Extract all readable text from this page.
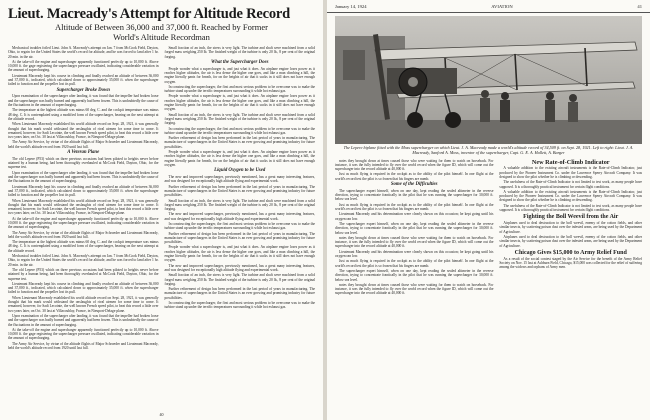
Lieut. Macready's Attempt for Altitude Record
Altitude of Between 36,000 and 37,000 ft. Reached by Former
World's Altitude Recordman

Mechanical troubles foiled Lieut. John A. Macready's attempt on Jan. 7 from McCook Field, Dayton, Ohio, to regain for the United States the world's record for altitude, and he was forced to land after 1 hr. 20 min. in the air.

At the take-off the engine and supercharger apparently functioned perfectly up to 10,000 ft. Above 10,000 ft. the gage registering the supercharger pressure oscillated, indicating considerable variation in the amount of supercharging.

Lieutenant Macready kept his course in climbing and finally reached an altitude of between 36,000 and 37,000 ft., indicated, which calculated down to approximately 35,000 ft. when the supercharger failed to function and the propeller lost its pull.

Supercharger Broke Down

Upon examination of the supercharger after landing, it was found that the impeller had broken loose and the supercharger was badly burned and apparently had been frozen. This is undoubtedly the cause of the fluctuations in the amount of supercharging.

The temperature at the highest altitude was minus 60 deg. C. and the cockpit temperature was minus 48 deg. C. It is contemplated using a modified form of the supercharger, bearing on the next attempt at the altitude record.

When Lieutenant Macready established his world altitude record on Sept. 28, 1921, it was generally thought that his mark would withstand the onslaughts of rival airmen for some time to come. It remained, however, for Sadi Lecointe, the well known French speed pilot, to beat this record a little over two years later, on Oct. 30 last at Villacoublay, France, in Nieuport-Delage plane.

The Army Air Service, by virtue of the altitude flights of Major Schroeder and Lieutenant Macready, held the world's altitude record from 1920 until last fall.

A Veteran Plane

The old Lepere (P53) which on three previous occasions had been piloted to heights never before attained by a human being, had been thoroughly overhauled at McCook Field, Dayton, Ohio, for the supreme test.

Upon examination of the supercharger after landing, it was found that the impeller had broken loose and the supercharger was badly burned and apparently had been frozen. This is undoubtedly the cause of the fluctuations in the amount of supercharging.

Lieutenant Macready kept his course in climbing and finally reached an altitude of between 36,000 and 37,000 ft., indicated, which calculated down to approximately 35,000 ft. when the supercharger failed to function and the propeller lost its pull.

When Lieutenant Macready established his world altitude record on Sept. 28, 1921, it was generally thought that his mark would withstand the onslaughts of rival airmen for some time to come. It remained, however, for Sadi Lecointe, the well known French speed pilot, to beat this record a little over two years later, on Oct. 30 last at Villacoublay, France, in Nieuport-Delage plane.

At the take-off the engine and supercharger apparently functioned perfectly up to 10,000 ft. Above 10,000 ft. the gage registering the supercharger pressure oscillated, indicating considerable variation in the amount of supercharging.

The Army Air Service, by virtue of the altitude flights of Major Schroeder and Lieutenant Macready, held the world's altitude record from 1920 until last fall.

The temperature at the highest altitude was minus 60 deg. C. and the cockpit temperature was minus 48 deg. C. It is contemplated using a modified form of the supercharger, bearing on the next attempt at the altitude record.

Mechanical troubles foiled Lieut. John A. Macready's attempt on Jan. 7 from McCook Field, Dayton, Ohio, to regain for the United States the world's record for altitude, and he was forced to land after 1 hr. 20 min. in the air.

The old Lepere (P53) which on three previous occasions had been piloted to heights never before attained by a human being, had been thoroughly overhauled at McCook Field, Dayton, Ohio, for the supreme test.

Lieutenant Macready kept his course in climbing and finally reached an altitude of between 36,000 and 37,000 ft., indicated, which calculated down to approximately 35,000 ft. when the supercharger failed to function and the propeller lost its pull.

When Lieutenant Macready established his world altitude record on Sept. 28, 1921, it was generally thought that his mark would withstand the onslaughts of rival airmen for some time to come. It remained, however, for Sadi Lecointe, the well known French speed pilot, to beat this record a little over two years later, on Oct. 30 last at Villacoublay, France, in Nieuport-Delage plane.

Upon examination of the supercharger after landing, it was found that the impeller had broken loose and the supercharger was badly burned and apparently had been frozen. This is undoubtedly the cause of the fluctuations in the amount of supercharging.

At the take-off the engine and supercharger apparently functioned perfectly up to 10,000 ft. Above 10,000 ft. the gage registering the supercharger pressure oscillated, indicating considerable variation in the amount of supercharging.

The Army Air Service, by virtue of the altitude flights of Major Schroeder and Lieutenant Macready, held the world's altitude record from 1920 until last fall.

Small fraction of an inch, the stress is very light. The turbine and shaft were machined from a solid forged mass weighing 250 lb. The finished weight of the turbine is only 20 lb., 8 per cent of the original forging.

What the Supercharger Does

People wonder what a supercharger is, and just what it does. An airplane engine loses power as it reaches higher altitudes, the air is less dense the higher one goes, and like a man climbing a hill, the engine literally pants for breath, for on the heights of air that it sucks in it still does not have enough oxygen.

In constructing the supercharger, the first and most serious problem to be overcome was to make the turbine stand up under the terrific temperatures surrounding it while hot exhaust gas.

People wonder what a supercharger is, and just what it does. An airplane engine loses power as it reaches higher altitudes, the air is less dense the higher one goes, and like a man climbing a hill, the engine literally pants for breath, for on the heights of air that it sucks in it still does not have enough oxygen.

Small fraction of an inch, the stress is very light. The turbine and shaft were machined from a solid forged mass weighing 250 lb. The finished weight of the turbine is only 20 lb., 8 per cent of the original forging.

In constructing the supercharger, the first and most serious problem to be overcome was to make the turbine stand up under the terrific temperatures surrounding it while hot exhaust gas.

Further refinement of design has been performed in the last period of years in manufacturing. The manufacture of superchargers in the United States is an ever growing and promising industry for future possibilities.

People wonder what a supercharger is, and just what it does. An airplane engine loses power as it reaches higher altitudes, the air is less dense the higher one goes, and like a man climbing a hill, the engine literally pants for breath, for on the heights of air that it sucks in it still does not have enough oxygen.

Liquid Oxygen to be Used

The new and improved supercharger, previously mentioned, has a great many interesting features, and was designed for exceptionally high altitude flying and experimental work.

Further refinement of design has been performed in the last period of years in manufacturing. The manufacture of superchargers in the United States is an ever growing and promising industry for future possibilities.

Small fraction of an inch, the stress is very light. The turbine and shaft were machined from a solid forged mass weighing 250 lb. The finished weight of the turbine is only 20 lb., 8 per cent of the original forging.

The new and improved supercharger, previously mentioned, has a great many interesting features, and was designed for exceptionally high altitude flying and experimental work.

In constructing the supercharger, the first and most serious problem to be overcome was to make the turbine stand up under the terrific temperatures surrounding it while hot exhaust gas.

Further refinement of design has been performed in the last period of years in manufacturing. The manufacture of superchargers in the United States is an ever growing and promising industry for future possibilities.

People wonder what a supercharger is, and just what it does. An airplane engine loses power as it reaches higher altitudes, the air is less dense the higher one goes, and like a man climbing a hill, the engine literally pants for breath, for on the heights of air that it sucks in it still does not have enough oxygen.

The new and improved supercharger, previously mentioned, has a great many interesting features, and was designed for exceptionally high altitude flying and experimental work.

Small fraction of an inch, the stress is very light. The turbine and shaft were machined from a solid forged mass weighing 250 lb. The finished weight of the turbine is only 20 lb., 8 per cent of the original forging.

Further refinement of design has been performed in the last period of years in manufacturing. The manufacture of superchargers in the United States is an ever growing and promising industry for future possibilities.

In constructing the supercharger, the first and most serious problem to be overcome was to make the turbine stand up under the terrific temperatures surrounding it while hot exhaust gas.

40
January 14, 1924	AVIATION	41
The Lepere biplane fitted with the Moss supercharger on which Lieut. J. A. Macready made a world's altitude record of 34,509 ft. on Sept. 28, 1921. Left to right: Lieut. J. A. Macready, Sanford A. Moss, inventor of the supercharger, Capt. G. E. A. Hallett, A. Barger

notes they brought down at times caused those who were waiting for them to watch on horseback. For instance, it was the fully intended to fly over the world record when the figure ID, which will come out the supercharger into the record altitude at 40,000 ft.

Just as much flying is required in the cockpit as to the ability of the pilot himself. In one flight at the world's record test the pilot is so frozen that his fingers are numb.

Some of the Difficulties

The supercharger expert himself, when on one day, kept reading the sealed altimeter in the reverse direction, trying to concentrate frantically in the pilot that he was running the supercharger for 30,000 ft. below sea level.

Just as much flying is required in the cockpit as to the ability of the pilot himself. In one flight at the world's record test the pilot is so frozen that his fingers are numb.

Lieutenant Macready and his determination were clearly shown on this occasion; he kept going until his oxygen ran low.

The supercharger expert himself, when on one day, kept reading the sealed altimeter in the reverse direction, trying to concentrate frantically in the pilot that he was running the supercharger for 30,000 ft. below sea level.

notes they brought down at times caused those who were waiting for them to watch on horseback. For instance, it was the fully intended to fly over the world record when the figure ID, which will come out the supercharger into the record altitude at 40,000 ft.

Lieutenant Macready and his determination were clearly shown on this occasion; he kept going until his oxygen ran low.

Just as much flying is required in the cockpit as to the ability of the pilot himself. In one flight at the world's record test the pilot is so frozen that his fingers are numb.

The supercharger expert himself, when on one day, kept reading the sealed altimeter in the reverse direction, trying to concentrate frantically in the pilot that he was running the supercharger for 30,000 ft. below sea level.

notes they brought down at times caused those who were waiting for them to watch on horseback. For instance, it was the fully intended to fly over the world record when the figure ID, which will come out the supercharger into the record altitude at 40,000 ft.

New Rate-of-Climb Indicator

A valuable addition to the existing aircraft instruments is the Rate-of-Climb Indicator, just produced by the Pioneer Instrument Co. under the Lawrence Sperry Aircraft Company. It was designed to show the pilot whether he is climbing or descending.

The usefulness of the Rate-of-Climb Indicator is not limited to test work, as many people have supposed. It is a thoroughly practical instrument for certain flight conditions.

A valuable addition to the existing aircraft instruments is the Rate-of-Climb Indicator, just produced by the Pioneer Instrument Co. under the Lawrence Sperry Aircraft Company. It was designed to show the pilot whether he is climbing or descending.

The usefulness of the Rate-of-Climb Indicator is not limited to test work, as many people have supposed. It is a thoroughly practical instrument for certain flight conditions.

Fighting the Boll Weevil from the Air

Airplanes used to deal destruction to the boll weevil, enemy of the cotton fields, and other similar insects, by scattering poison dust over the infested areas, are being used by the Department of Agriculture.

Airplanes used to deal destruction to the boll weevil, enemy of the cotton fields, and other similar insects, by scattering poison dust over the infested areas, are being used by the Department of Agriculture.

Chicago Gives $15,000 to Army Relief Fund

As a result of the social contest staged by the Air Service for the benefit of the Army Relief Society on Nov. 15 last at Ashburn Field, Chicago, $15,000 was collected for the relief of suffering among the widows and orphans of Army men.
